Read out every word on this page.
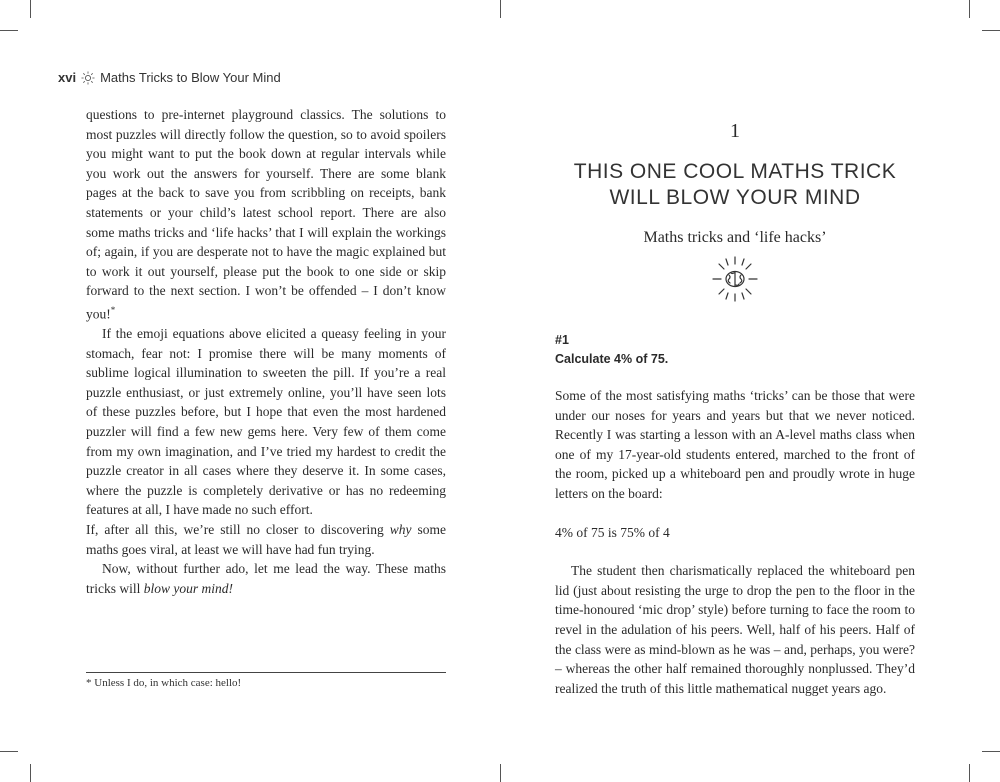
xvi Maths Tricks to Blow Your Mind

questions to pre-internet playground classics. The solutions to most puzzles will directly follow the question, so to avoid spoilers you might want to put the book down at regular intervals while you work out the answers for yourself. There are some blank pages at the back to save you from scribbling on receipts, bank statements or your child’s latest school report. There are also some maths tricks and ‘life hacks’ that I will explain the workings of; again, if you are desperate not to have the magic explained but to work it out yourself, please put the book to one side or skip forward to the next section. I won’t be offended – I don’t know you!*

If the emoji equations above elicited a queasy feeling in your stomach, fear not: I promise there will be many moments of sublime logical illumination to sweeten the pill. If you’re a real puzzle enthusiast, or just extremely online, you’ll have seen lots of these puzzles before, but I hope that even the most hardened puzzler will find a few new gems here. Very few of them come from my own imagination, and I’ve tried my hardest to credit the puzzle creator in all cases where they deserve it. In some cases, where the puzzle is completely derivative or has no redeeming features at all, I have made no such effort.

If, after all this, we’re still no closer to discovering why some maths goes viral, at least we will have had fun trying.

Now, without further ado, let me lead the way. These maths tricks will blow your mind!

* Unless I do, in which case: hello!

1

THIS ONE COOL MATHS TRICK
WILL BLOW YOUR MIND

Maths tricks and ‘life hacks’

#1

Calculate 4% of 75.

Some of the most satisfying maths ‘tricks’ can be those that were under our noses for years and years but that we never noticed. Recently I was starting a lesson with an A-level maths class when one of my 17-year-old students entered, marched to the front of the room, picked up a whiteboard pen and proudly wrote in huge letters on the board:

4% of 75 is 75% of 4

The student then charismatically replaced the whiteboard pen lid (just about resisting the urge to drop the pen to the floor in the time-honoured ‘mic drop’ style) before turning to face the room to revel in the adulation of his peers. Well, half of his peers. Half of the class were as mind-blown as he was – and, perhaps, you were? – whereas the other half remained thoroughly nonplussed. They’d realized the truth of this little mathematical nugget years ago.
